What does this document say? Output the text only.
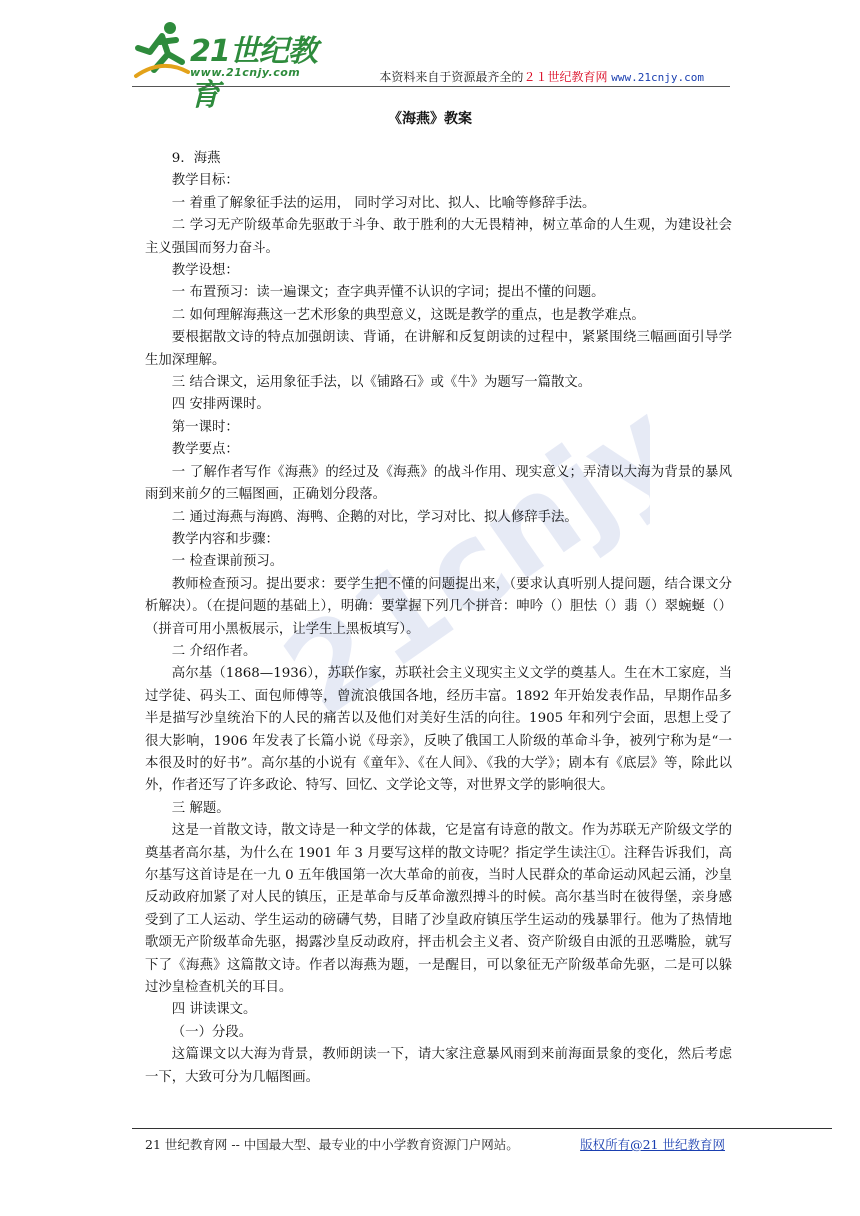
21世纪教育
www.21cnjy.com	本资料来自于资源最齐全的２１世纪教育网 www.21cnjy.com
《海燕》教案
21cnjy

9．海燕

教学目标：

一 着重了解象征手法的运用， 同时学习对比、拟人、比喻等修辞手法。

二 学习无产阶级革命先驱敢于斗争、敢于胜利的大无畏精神，树立革命的人生观，为建设社会主义强国而努力奋斗。

教学设想：

一 布置预习：读一遍课文；查字典弄懂不认识的字词；提出不懂的问题。

二 如何理解海燕这一艺术形象的典型意义，这既是教学的重点，也是教学难点。

要根据散文诗的特点加强朗读、背诵，在讲解和反复朗读的过程中，紧紧围绕三幅画面引导学生加深理解。

三 结合课文，运用象征手法，以《铺路石》或《牛》为题写一篇散文。

四 安排两课时。

第一课时：

教学要点：

一 了解作者写作《海燕》的经过及《海燕》的战斗作用、现实意义；弄清以大海为背景的暴风雨到来前夕的三幅图画，正确划分段落。

二 通过海燕与海鸥、海鸭、企鹅的对比，学习对比、拟人修辞手法。

教学内容和步骤：

一 检查课前预习。

教师检查预习。提出要求：要学生把不懂的问题提出来，（要求认真听别人提问题，结合课文分析解决）。（在提问题的基础上），明确：要掌握下列几个拼音：呻吟（）胆怯（）翡（）翠蜿蜒（）（拼音可用小黑板展示，让学生上黑板填写）。

二 介绍作者。

高尔基（1868—1936），苏联作家，苏联社会主义现实主义文学的奠基人。生在木工家庭，当过学徒、码头工、面包师傅等，曾流浪俄国各地，经历丰富。1892 年开始发表作品，早期作品多半是描写沙皇统治下的人民的痛苦以及他们对美好生活的向往。1905 年和列宁会面，思想上受了很大影响，1906 年发表了长篇小说《母亲》，反映了俄国工人阶级的革命斗争，被列宁称为是“一本很及时的好书”。高尔基的小说有《童年》、《在人间》、《我的大学》；剧本有《底层》等，除此以外，作者还写了许多政论、特写、回忆、文学论文等，对世界文学的影响很大。

三 解题。

这是一首散文诗，散文诗是一种文学的体裁，它是富有诗意的散文。作为苏联无产阶级文学的奠基者高尔基，为什么在 1901 年 3 月要写这样的散文诗呢？指定学生读注①。注释告诉我们，高尔基写这首诗是在一九 0 五年俄国第一次大革命的前夜，当时人民群众的革命运动风起云涌，沙皇反动政府加紧了对人民的镇压，正是革命与反革命激烈搏斗的时候。高尔基当时在彼得堡，亲身感受到了工人运动、学生运动的磅礴气势，目睹了沙皇政府镇压学生运动的残暴罪行。他为了热情地歌颂无产阶级革命先驱，揭露沙皇反动政府，抨击机会主义者、资产阶级自由派的丑恶嘴脸，就写下了《海燕》这篇散文诗。作者以海燕为题，一是醒目，可以象征无产阶级革命先驱，二是可以躲过沙皇检查机关的耳目。

四 讲读课文。

（一）分段。

这篇课文以大海为背景，教师朗读一下，请大家注意暴风雨到来前海面景象的变化，然后考虑一下，大致可分为几幅图画。

21 世纪教育网 -- 中国最大型、最专业的中小学教育资源门户网站。	版权所有@21 世纪教育网
